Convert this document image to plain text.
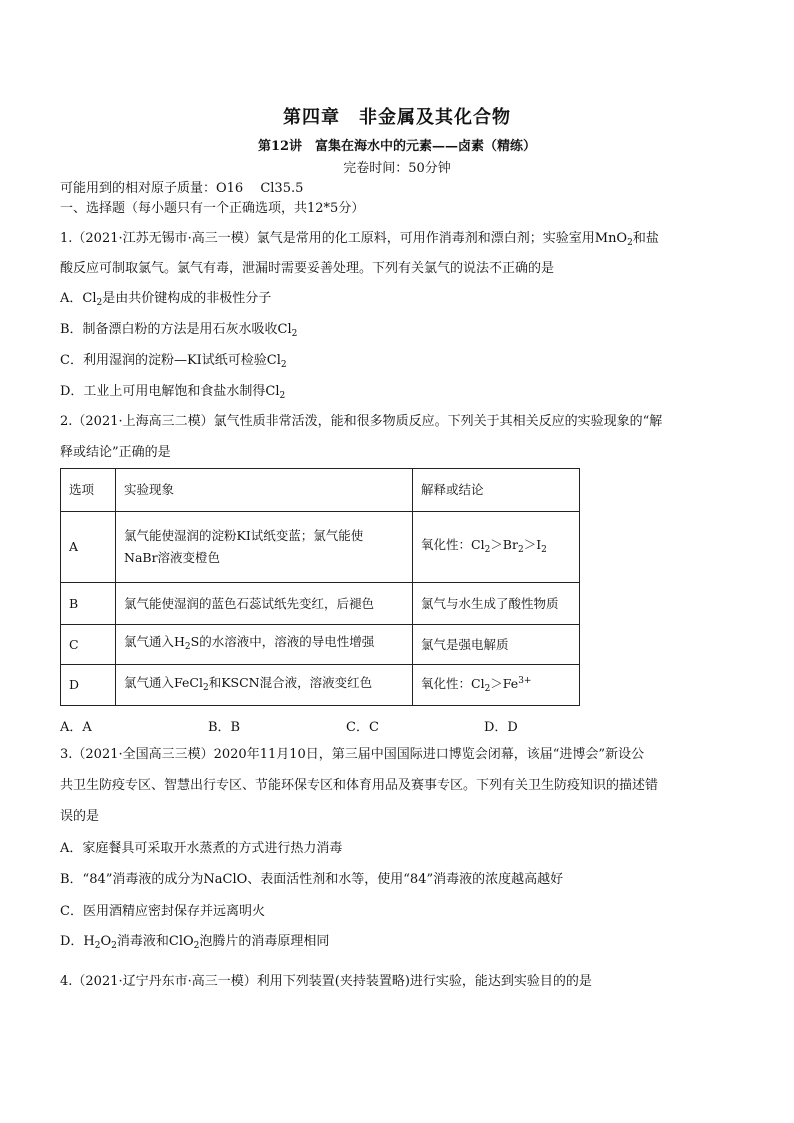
第四章　非金属及其化合物
第12讲　富集在海水中的元素——卤素（精练）
完卷时间：50分钟
可能用到的相对原子质量：O16　 Cl35.5
一、选择题（每小题只有一个正确选项，共12*5分）
1.（2021·江苏无锡市·高三一模）氯气是常用的化工原料，可用作消毒剂和漂白剂；实验室用MnO$_2$和盐
酸反应可制取氯气。氯气有毒，泄漏时需要妥善处理。下列有关氯气的说法不正确的是
A．$Cl_2$是由共价键构成的非极性分子
B．制备漂白粉的方法是用石灰水吸收$Cl_2$
C．利用湿润的淀粉—KI试纸可检验$Cl_2$
D．工业上可用电解饱和食盐水制得$Cl_2$
2.（2021·上海高三二模）氯气性质非常活泼，能和很多物质反应。下列关于其相关反应的实验现象的“解
释或结论”正确的是
选项	实验现象	解释或结论
A	氯气能使湿润的淀粉KI试纸变蓝；氯气能使
NaBr溶液变橙色	氧化性：$Cl_2>Br_2>I_2$
B	氯气能使湿润的蓝色石蕊试纸先变红，后褪色	氯气与水生成了酸性物质
C	氯气通入$H_2S$的水溶液中，溶液的导电性增强	氯气是强电解质
D	氯气通入FeCl$_2$和KSCN混合液，溶液变红色	氧化性：$Cl_2>Fe^{3+}$
A．A	B．B	C．C	D．D
3.（2021·全国高三三模）2020年11月10日，第三届中国国际进口博览会闭幕，该届“进博会”新设公
共卫生防疫专区、智慧出行专区、节能环保专区和体育用品及赛事专区。下列有关卫生防疫知识的描述错
误的是
A．家庭餐具可采取开水蒸煮的方式进行热力消毒
B．“84”消毒液的成分为NaClO、表面活性剂和水等，使用“84”消毒液的浓度越高越好
C．医用酒精应密封保存并远离明火
D．$H_2O_2$消毒液和ClO$_2$泡腾片的消毒原理相同
4.（2021·辽宁丹东市·高三一模）利用下列装置(夹持装置略)进行实验，能达到实验目的的是
